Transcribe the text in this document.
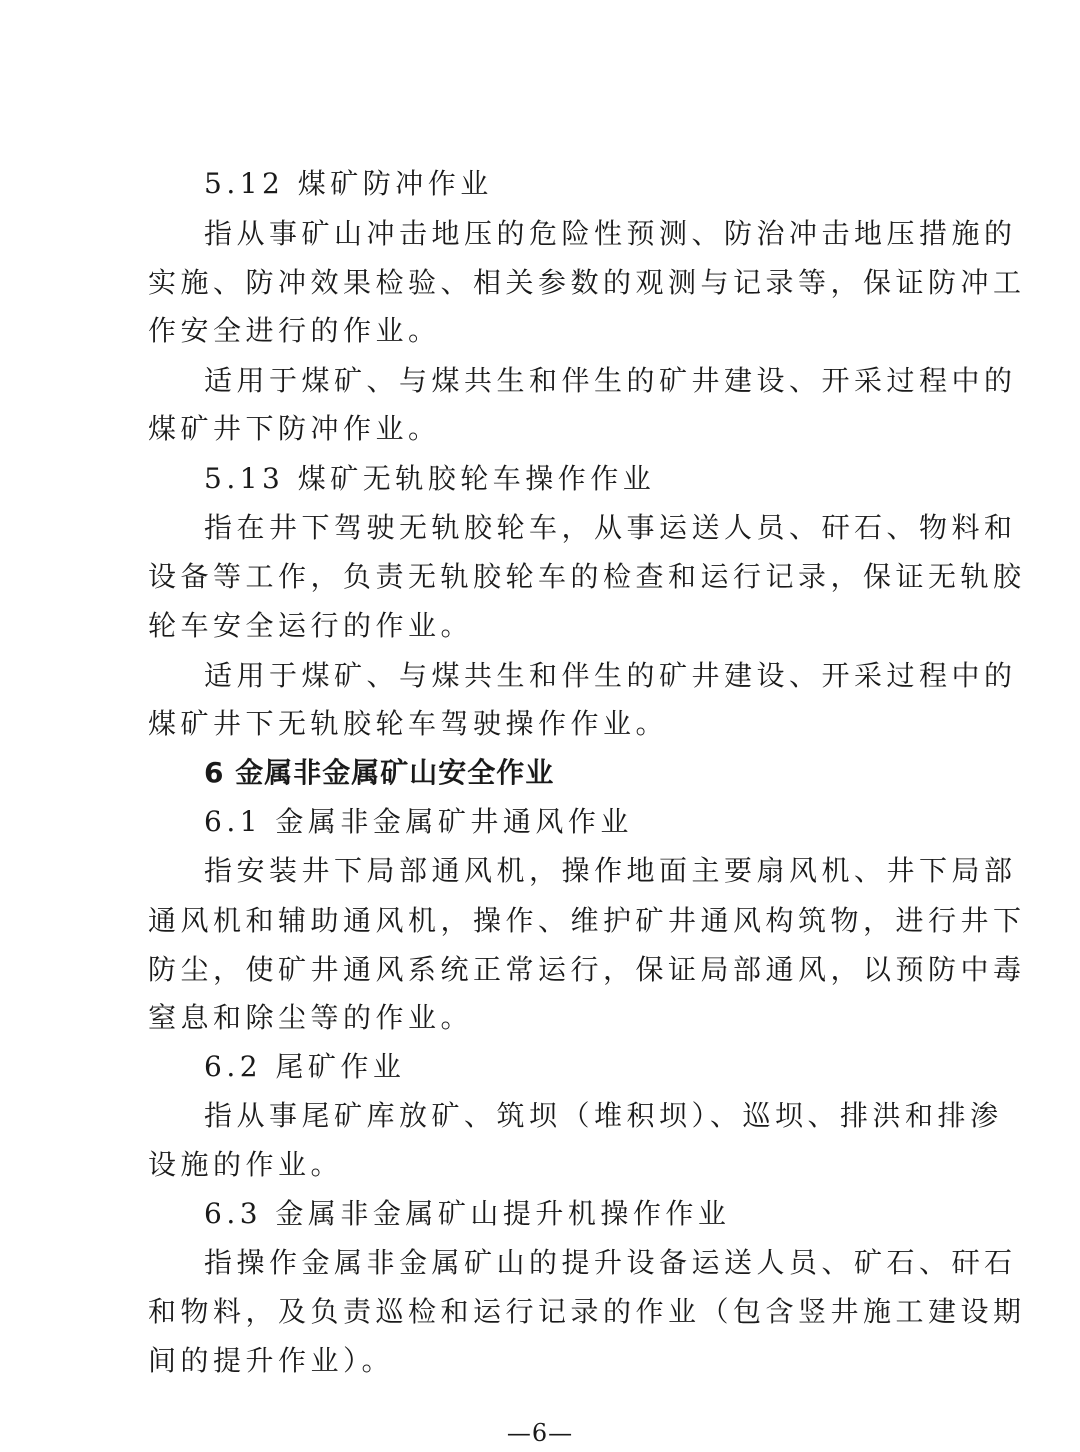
5.12 煤矿防冲作业
指从事矿山冲击地压的危险性预测、防治冲击地压措施的
实施、防冲效果检验、相关参数的观测与记录等，保证防冲工
作安全进行的作业。
适用于煤矿、与煤共生和伴生的矿井建设、开采过程中的
煤矿井下防冲作业。
5.13 煤矿无轨胶轮车操作作业
指在井下驾驶无轨胶轮车，从事运送人员、矸石、物料和
设备等工作，负责无轨胶轮车的检查和运行记录，保证无轨胶
轮车安全运行的作业。
适用于煤矿、与煤共生和伴生的矿井建设、开采过程中的
煤矿井下无轨胶轮车驾驶操作作业。
6 金属非金属矿山安全作业
6.1 金属非金属矿井通风作业
指安装井下局部通风机，操作地面主要扇风机、井下局部
通风机和辅助通风机，操作、维护矿井通风构筑物，进行井下
防尘，使矿井通风系统正常运行，保证局部通风，以预防中毒
窒息和除尘等的作业。
6.2 尾矿作业
指从事尾矿库放矿、筑坝（堆积坝）、巡坝、排洪和排渗
设施的作业。
6.3 金属非金属矿山提升机操作作业
指操作金属非金属矿山的提升设备运送人员、矿石、矸石
和物料，及负责巡检和运行记录的作业（包含竖井施工建设期
间的提升作业）。
—6—
